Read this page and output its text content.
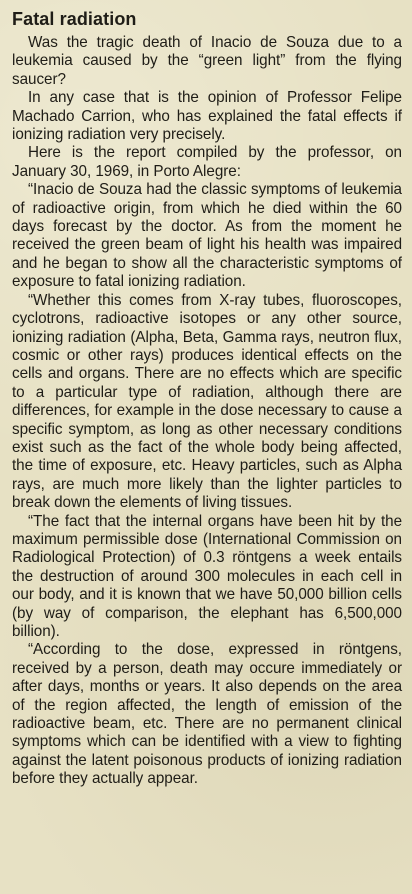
Fatal radiation

Was the tragic death of Inacio de Souza due to a leukemia caused by the “green light” from the flying saucer?

In any case that is the opinion of Professor Felipe Machado Carrion, who has explained the fatal effects if ionizing radiation very precisely.

Here is the report compiled by the professor, on January 30, 1969, in Porto Alegre:

“Inacio de Souza had the classic symptoms of leukemia of radioactive origin, from which he died within the 60 days forecast by the doctor. As from the moment he received the green beam of light his health was impaired and he began to show all the characteristic symptoms of exposure to fatal ionizing radiation.

“Whether this comes from X-ray tubes, fluoroscopes, cyclotrons, radioactive isotopes or any other source, ionizing radiation (Alpha, Beta, Gamma rays, neutron flux, cosmic or other rays) produces identical effects on the cells and organs. There are no effects which are specific to a particular type of radiation, although there are differences, for example in the dose necessary to cause a specific symptom, as long as other necessary conditions exist such as the fact of the whole body being affected, the time of exposure, etc. Heavy particles, such as Alpha rays, are much more likely than the lighter particles to break down the elements of living tissues.

“The fact that the internal organs have been hit by the maximum permissible dose (International Commission on Radiological Protection) of 0.3 röntgens a week entails the destruction of around 300 molecules in each cell in our body, and it is known that we have 50,000 billion cells (by way of comparison, the elephant has 6,500,000 billion).

“According to the dose, expressed in röntgens, received by a person, death may occure immediately or after days, months or years. It also depends on the area of the region affected, the length of emission of the radioactive beam, etc. There are no permanent clinical symptoms which can be identified with a view to fighting against the latent poisonous products of ionizing radiation before they actually appear.
